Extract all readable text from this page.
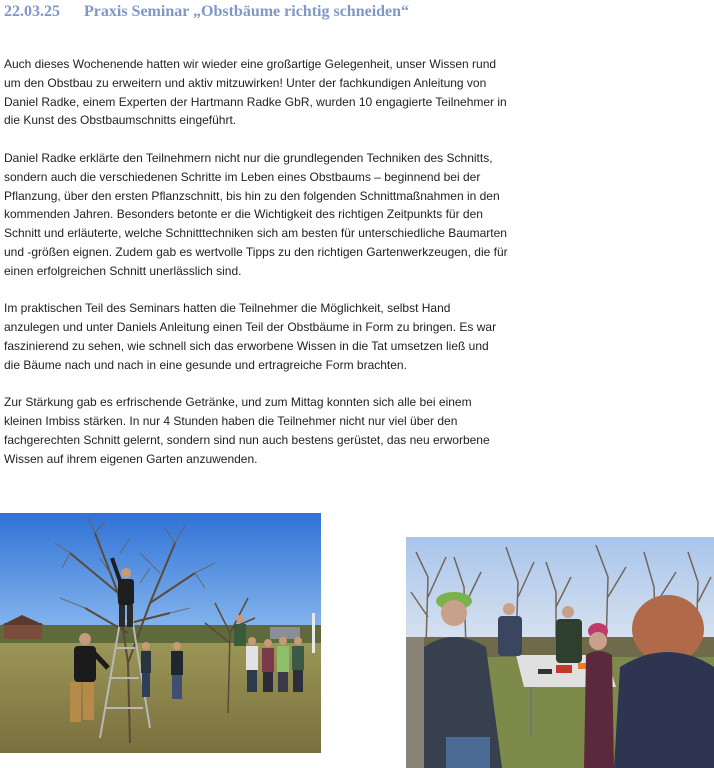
22.03.25 Praxis Seminar „Obstbäume richtig schneiden“

Auch dieses Wochenende hatten wir wieder eine großartige Gelegenheit, unser Wissen rund
um den Obstbau zu erweitern und aktiv mitzuwirken! Unter der fachkundigen Anleitung von
Daniel Radke, einem Experten der Hartmann Radke GbR, wurden 10 engagierte Teilnehmer in
die Kunst des Obstbaumschnitts eingeführt.

Daniel Radke erklärte den Teilnehmern nicht nur die grundlegenden Techniken des Schnitts,
sondern auch die verschiedenen Schritte im Leben eines Obstbaums – beginnend bei der
Pflanzung, über den ersten Pflanzschnitt, bis hin zu den folgenden Schnittmaßnahmen in den
kommenden Jahren. Besonders betonte er die Wichtigkeit des richtigen Zeitpunkts für den
Schnitt und erläuterte, welche Schnitttechniken sich am besten für unterschiedliche Baumarten
und -größen eignen. Zudem gab es wertvolle Tipps zu den richtigen Gartenwerkzeugen, die für
einen erfolgreichen Schnitt unerlässlich sind.

Im praktischen Teil des Seminars hatten die Teilnehmer die Möglichkeit, selbst Hand
anzulegen und unter Daniels Anleitung einen Teil der Obstbäume in Form zu bringen. Es war
faszinierend zu sehen, wie schnell sich das erworbene Wissen in die Tat umsetzen ließ und
die Bäume nach und nach in eine gesunde und ertragreiche Form brachten.

Zur Stärkung gab es erfrischende Getränke, und zum Mittag konnten sich alle bei einem
kleinen Imbiss stärken. In nur 4 Stunden haben die Teilnehmer nicht nur viel über den
fachgerechten Schnitt gelernt, sondern sind nun auch bestens gerüstet, das neu erworbene
Wissen auf ihrem eigenen Garten anzuwenden.
